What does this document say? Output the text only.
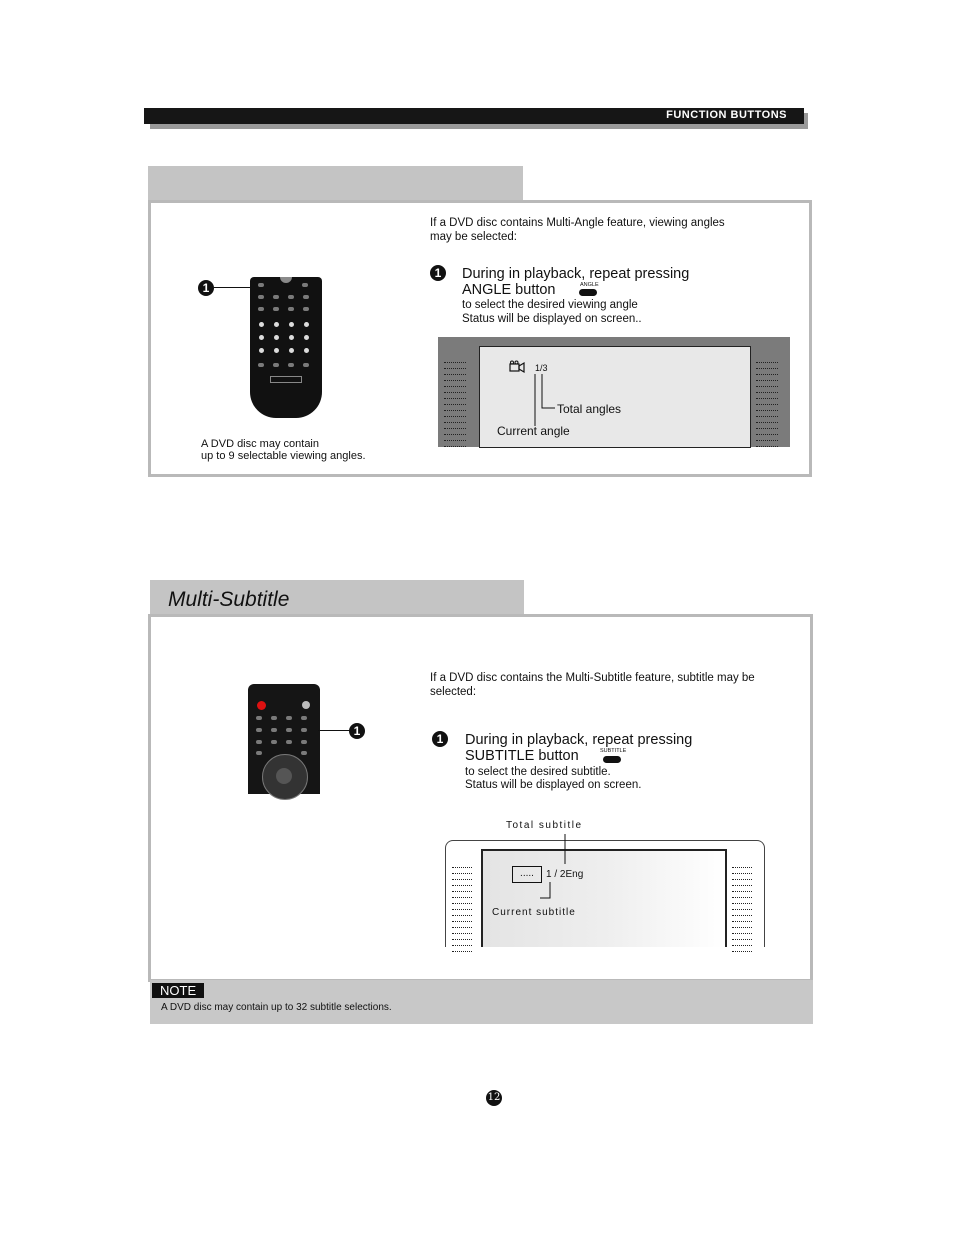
FUNCTION BUTTONS
If a DVD disc contains Multi-Angle feature, viewing angles
may be selected:
1	During in playback, repeat pressing
ANGLE button	ANGLE
to select the desired viewing angle
Status will be displayed on screen..
1
A DVD disc may contain
up to 9 selectable viewing angles.
1/3
Total angles
Current angle
Multi-Subtitle
If a DVD disc contains the Multi-Subtitle feature, subtitle may be
selected:
1	During in playback, repeat pressing
SUBTITLE button	SUBTITLE
to select the desired subtitle.
Status will be displayed on screen.
1
Total subtitle
.....	1 / 2Eng
Current subtitle
NOTE
A DVD disc may contain up to 32 subtitle selections.
12
